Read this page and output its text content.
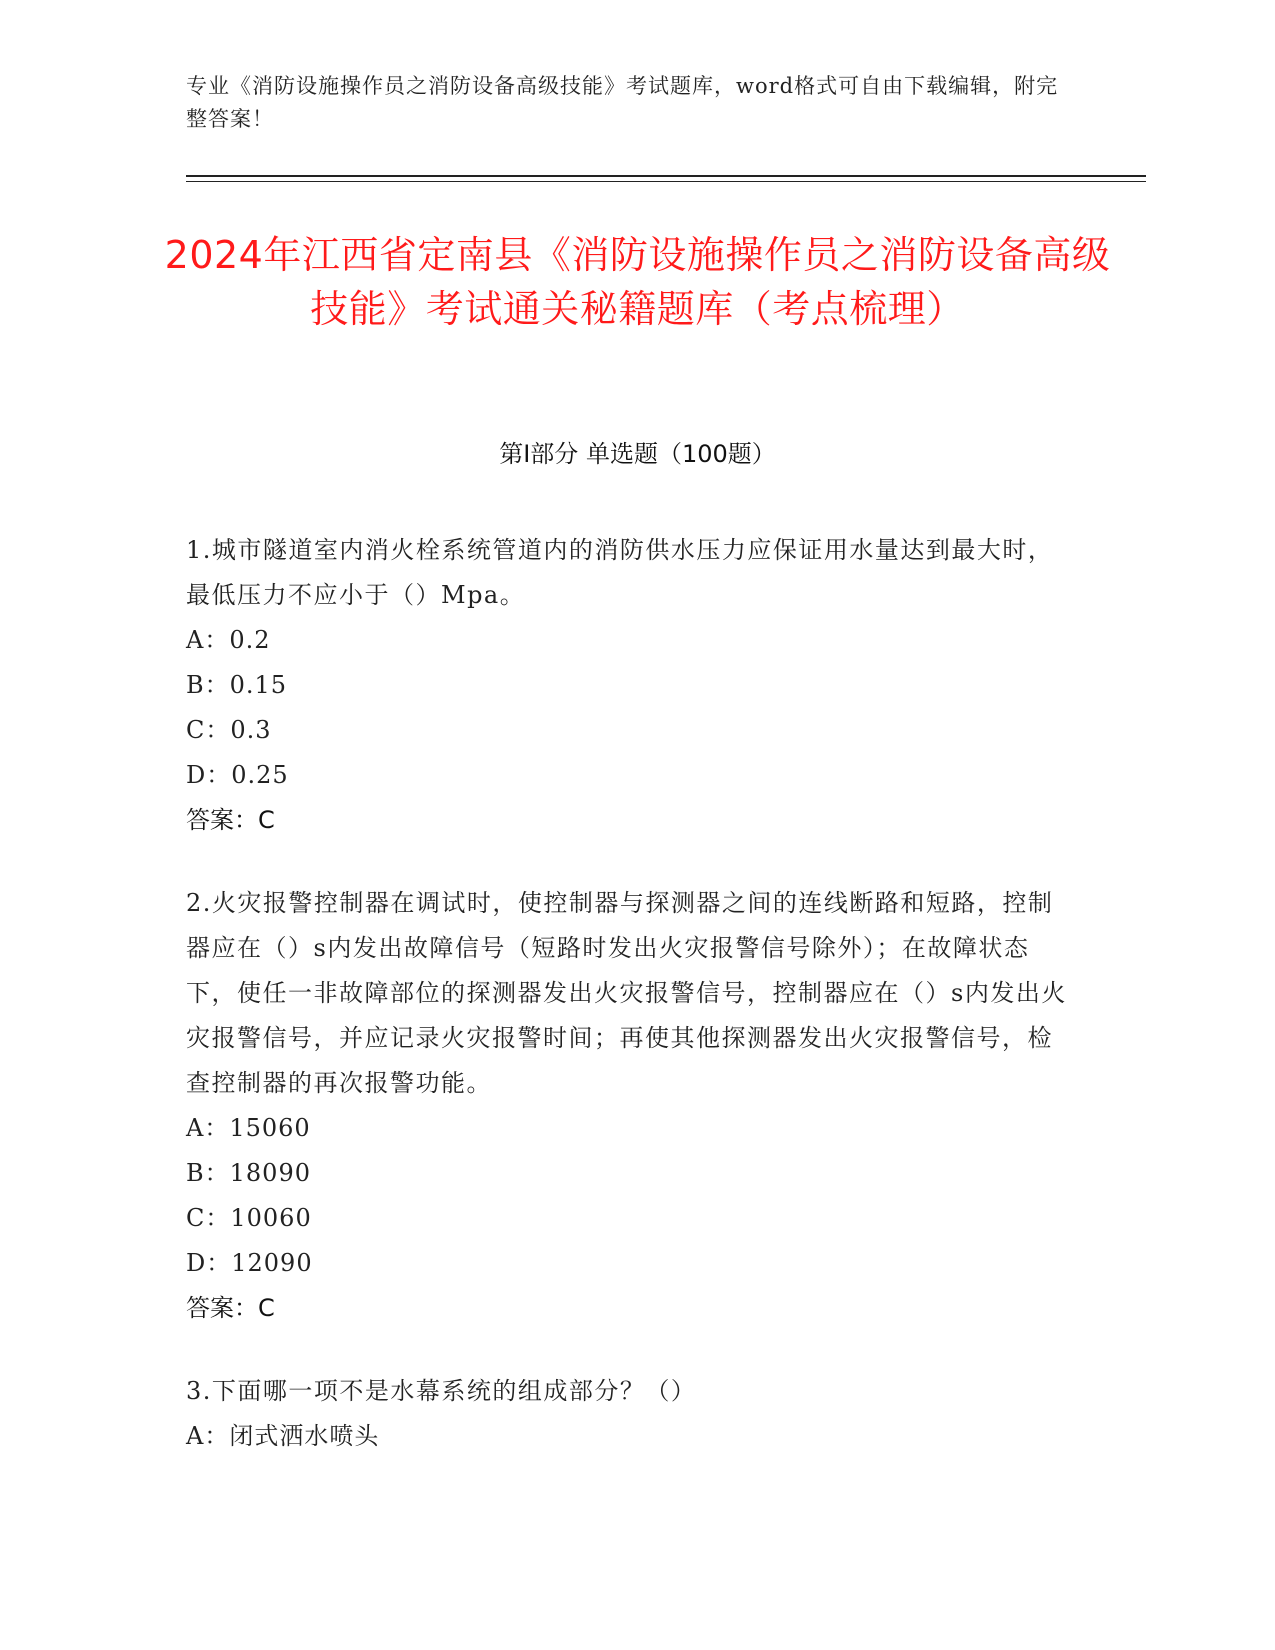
专业《消防设施操作员之消防设备高级技能》考试题库，word格式可自由下载编辑，附完整答案！
2024年江西省定南县《消防设施操作员之消防设备高级技能》考试通关秘籍题库（考点梳理）
第I部分 单选题（100题）
1.城市隧道室内消火栓系统管道内的消防供水压力应保证用水量达到最大时，最低压力不应小于（）Mpa。
A：0.2
B：0.15
C：0.3
D：0.25
答案：C
2.火灾报警控制器在调试时，使控制器与探测器之间的连线断路和短路，控制器应在（）s内发出故障信号（短路时发出火灾报警信号除外）；在故障状态下，使任一非故障部位的探测器发出火灾报警信号，控制器应在（）s内发出火灾报警信号，并应记录火灾报警时间；再使其他探测器发出火灾报警信号，检查控制器的再次报警功能。
A：15060
B：18090
C：10060
D：12090
答案：C
3.下面哪一项不是水幕系统的组成部分？（）
A：闭式洒水喷头
